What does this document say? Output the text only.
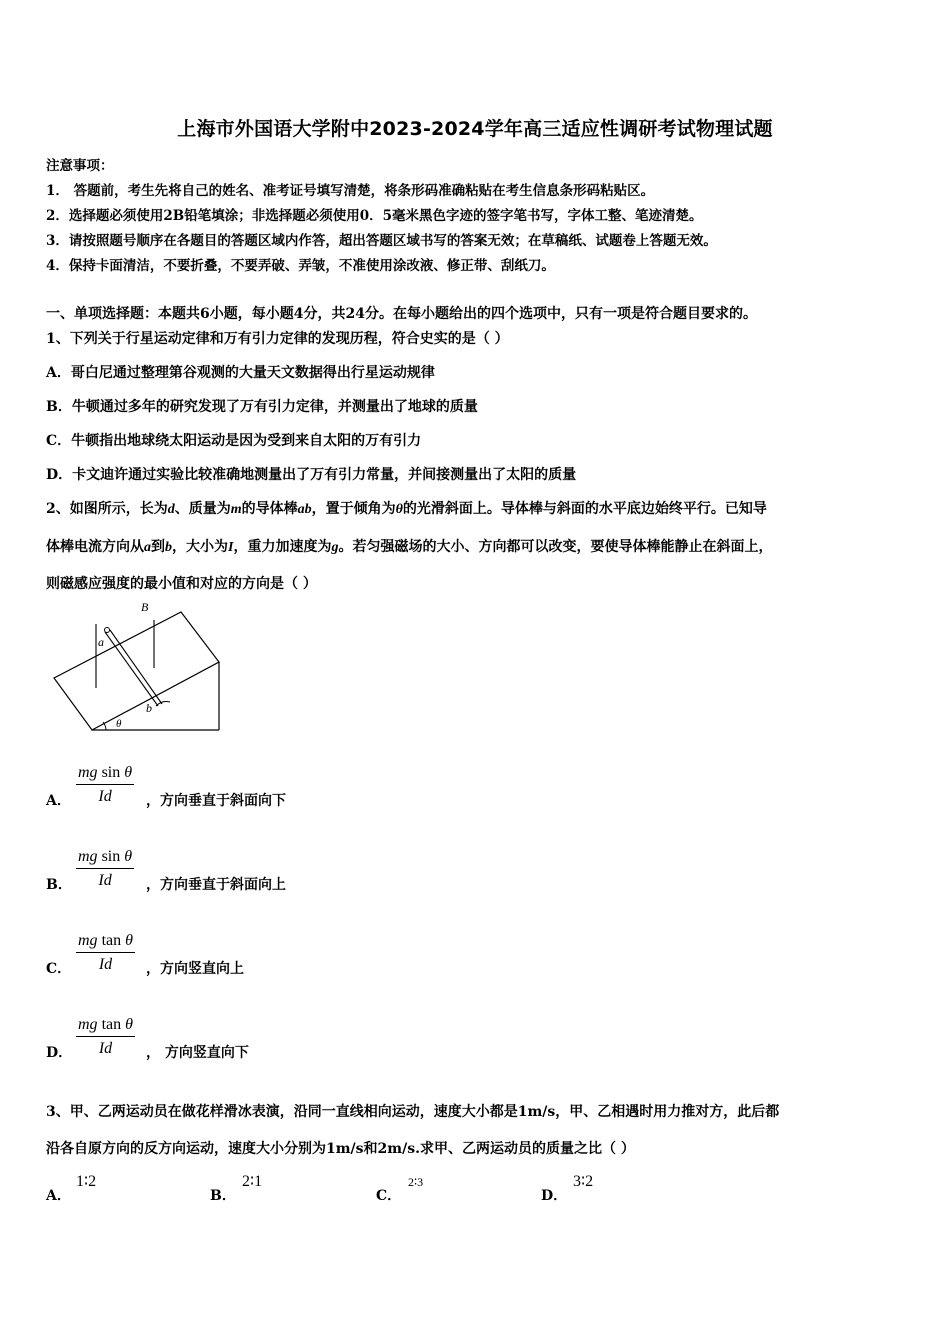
上海市外国语大学附中2023-2024学年高三适应性调研考试物理试题
注意事项：
1． 答题前，考生先将自己的姓名、准考证号填写清楚，将条形码准确粘贴在考生信息条形码粘贴区。
2．选择题必须使用2B铅笔填涂；非选择题必须使用0．5毫米黑色字迹的签字笔书写，字体工整、笔迹清楚。
3．请按照题号顺序在各题目的答题区域内作答，超出答题区域书写的答案无效；在草稿纸、试题卷上答题无效。
4．保持卡面清洁，不要折叠，不要弄破、弄皱，不准使用涂改液、修正带、刮纸刀。
一、单项选择题：本题共6小题，每小题4分，共24分。在每小题给出的四个选项中，只有一项是符合题目要求的。
1、下列关于行星运动定律和万有引力定律的发现历程，符合史实的是（ ）
A．哥白尼通过整理第谷观测的大量天文数据得出行星运动规律
B．牛顿通过多年的研究发现了万有引力定律，并测量出了地球的质量
C．牛顿指出地球绕太阳运动是因为受到来自太阳的万有引力
D．卡文迪许通过实验比较准确地测量出了万有引力常量，并间接测量出了太阳的质量
2、如图所示，长为d、质量为m的导体棒ab，置于倾角为θ的光滑斜面上。导体棒与斜面的水平底边始终平行。已知导
体棒电流方向从a到b，大小为I，重力加速度为g。若匀强磁场的大小、方向都可以改变，要使导体棒能静止在斜面上，
则磁感应强度的最小值和对应的方向是（ ）
B
a
b
θ
A． $\frac{\text{mg sin θ}}{Id}$ ，方向垂直于斜面向下
B． $\frac{\text{mg sin θ}}{Id}$ ，方向垂直于斜面向上
C． $\frac{\text{mg tan θ}}{Id}$ ，方向竖直向上
D． $\frac{\text{mg tan θ}}{Id}$ ， 方向竖直向下
3、甲、乙两运动员在做花样滑冰表演，沿同一直线相向运动，速度大小都是1m/s，甲、乙相遇时用力推对方，此后都
沿各自原方向的反方向运动，速度大小分别为1m/s和2m/s.求甲、乙两运动员的质量之比（ ）
A．
1∶2
B．
2∶1
C．
2∶3
D．
3∶2
